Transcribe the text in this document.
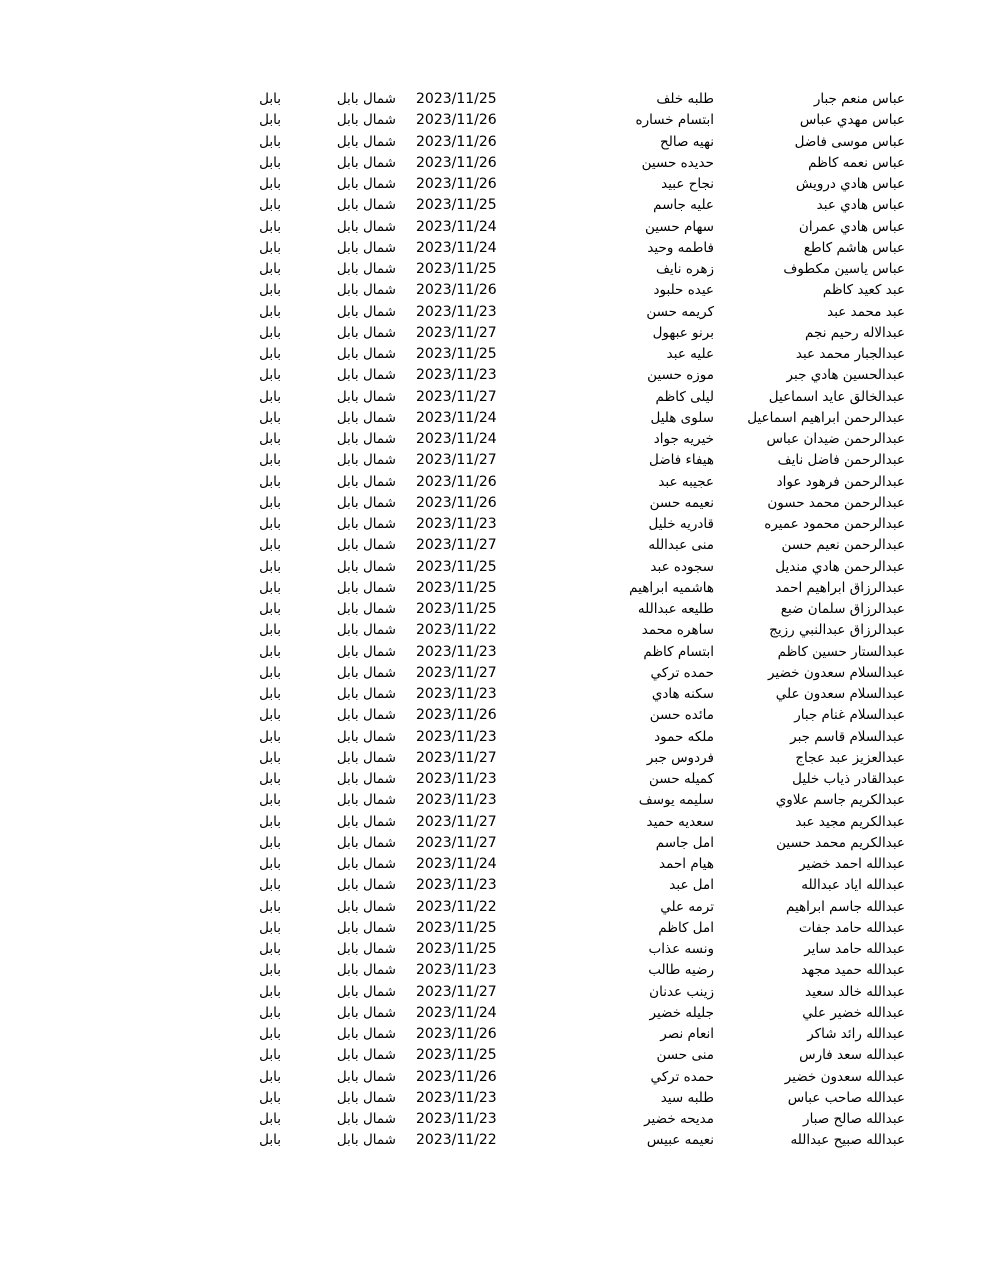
عباس منعم جبار
طلبه خلف
2023/11/25
شمال بابل
بابل
عباس مهدي عباس
ابتسام خساره
2023/11/26
شمال بابل
بابل
عباس موسى فاضل
نهيه صالح
2023/11/26
شمال بابل
بابل
عباس نعمه كاظم
حديده حسين
2023/11/26
شمال بابل
بابل
عباس هادي درويش
نجاح عبيد
2023/11/26
شمال بابل
بابل
عباس هادي عبد
عليه جاسم
2023/11/25
شمال بابل
بابل
عباس هادي عمران
سهام حسين
2023/11/24
شمال بابل
بابل
عباس هاشم كاطع
فاطمه وحيد
2023/11/24
شمال بابل
بابل
عباس ياسين مكطوف
زهره نايف
2023/11/25
شمال بابل
بابل
عبد كعيد كاظم
عيده حلبود
2023/11/26
شمال بابل
بابل
عبد محمد عبد
كريمه حسن
2023/11/23
شمال بابل
بابل
عبدالاله رحيم نجم
برنو عبهول
2023/11/27
شمال بابل
بابل
عبدالجبار محمد عبد
عليه عبد
2023/11/25
شمال بابل
بابل
عبدالحسين هادي جبر
موزه حسين
2023/11/23
شمال بابل
بابل
عبدالخالق عايد اسماعيل
ليلى كاظم
2023/11/27
شمال بابل
بابل
عبدالرحمن ابراهيم اسماعيل
سلوى هليل
2023/11/24
شمال بابل
بابل
عبدالرحمن ضيدان عباس
خيريه جواد
2023/11/24
شمال بابل
بابل
عبدالرحمن فاضل نايف
هيفاء فاضل
2023/11/27
شمال بابل
بابل
عبدالرحمن فرهود عواد
عجيبه عبد
2023/11/26
شمال بابل
بابل
عبدالرحمن محمد حسون
نعيمه حسن
2023/11/26
شمال بابل
بابل
عبدالرحمن محمود عميره
قادريه خليل
2023/11/23
شمال بابل
بابل
عبدالرحمن نعيم حسن
منى عبدالله
2023/11/27
شمال بابل
بابل
عبدالرحمن هادي منديل
سجوده عبد
2023/11/25
شمال بابل
بابل
عبدالرزاق ابراهيم احمد
هاشميه ابراهيم
2023/11/25
شمال بابل
بابل
عبدالرزاق سلمان ضبع
طليعه عبدالله
2023/11/25
شمال بابل
بابل
عبدالرزاق عبدالنبي رزيج
ساهره محمد
2023/11/22
شمال بابل
بابل
عبدالستار حسين كاظم
ابتسام كاظم
2023/11/23
شمال بابل
بابل
عبدالسلام سعدون خضير
حمده تركي
2023/11/27
شمال بابل
بابل
عبدالسلام سعدون علي
سكنه هادي
2023/11/23
شمال بابل
بابل
عبدالسلام غنام جبار
مائده حسن
2023/11/26
شمال بابل
بابل
عبدالسلام قاسم جبر
ملكه حمود
2023/11/23
شمال بابل
بابل
عبدالعزيز عبد عجاج
فردوس جبر
2023/11/27
شمال بابل
بابل
عبدالقادر ذياب خليل
كميله حسن
2023/11/23
شمال بابل
بابل
عبدالكريم جاسم علاوي
سليمه يوسف
2023/11/23
شمال بابل
بابل
عبدالكريم مجيد عبد
سعديه حميد
2023/11/27
شمال بابل
بابل
عبدالكريم محمد حسين
امل جاسم
2023/11/27
شمال بابل
بابل
عبدالله احمد خضير
هيام احمد
2023/11/24
شمال بابل
بابل
عبدالله اياد عبدالله
امل عبد
2023/11/23
شمال بابل
بابل
عبدالله جاسم ابراهيم
ترمه علي
2023/11/22
شمال بابل
بابل
عبدالله حامد جفات
امل كاظم
2023/11/25
شمال بابل
بابل
عبدالله حامد ساير
ونسه عذاب
2023/11/25
شمال بابل
بابل
عبدالله حميد مجهد
رضيه طالب
2023/11/23
شمال بابل
بابل
عبدالله خالد سعيد
زينب عدنان
2023/11/27
شمال بابل
بابل
عبدالله خضير علي
جليله خضير
2023/11/24
شمال بابل
بابل
عبدالله رائد شاكر
انعام نصر
2023/11/26
شمال بابل
بابل
عبدالله سعد فارس
منى حسن
2023/11/25
شمال بابل
بابل
عبدالله سعدون خضير
حمده تركي
2023/11/26
شمال بابل
بابل
عبدالله صاحب عباس
طلبه سيد
2023/11/23
شمال بابل
بابل
عبدالله صالح صبار
مديحه خضير
2023/11/23
شمال بابل
بابل
عبدالله صبيح عبدالله
نعيمه عبيس
2023/11/22
شمال بابل
بابل
